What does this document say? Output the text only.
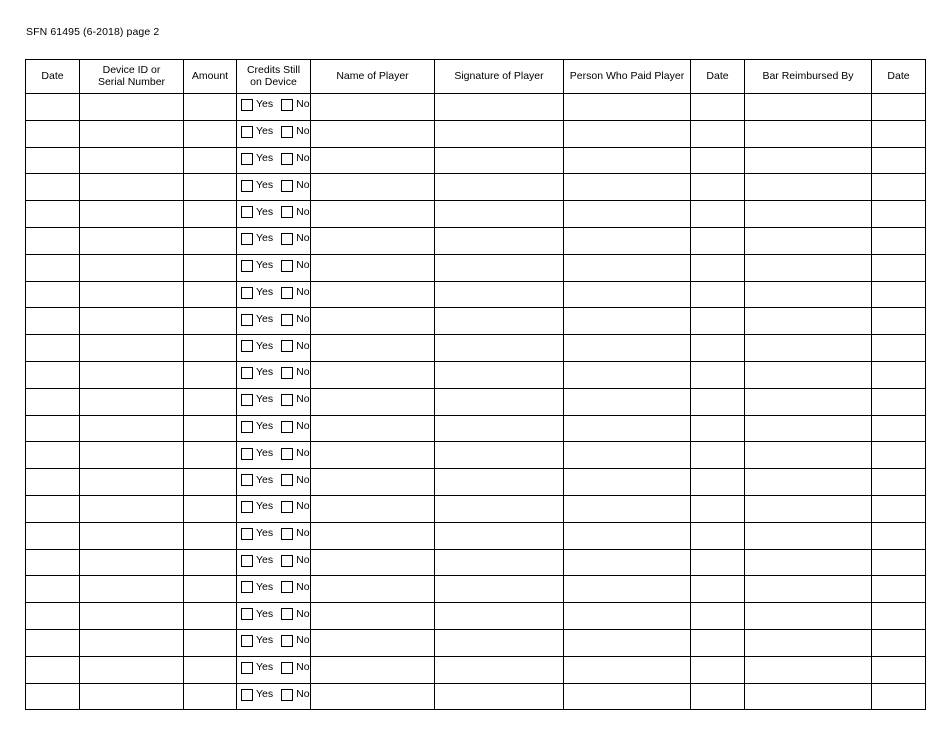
SFN 61495 (6-2018) page 2
Date	Device ID or Serial Number	Amount	Credits Still on Device	Name of Player	Signature of Player	Person Who Paid Player	Date	Bar Reimbursed By	Date

			Yes No						

			Yes No						

			Yes No						

			Yes No						

			Yes No						

			Yes No						

			Yes No						

			Yes No						

			Yes No						

			Yes No						

			Yes No						

			Yes No						

			Yes No						

			Yes No						

			Yes No						

			Yes No						

			Yes No						

			Yes No						

			Yes No						

			Yes No						

			Yes No						

			Yes No						

			Yes No						
